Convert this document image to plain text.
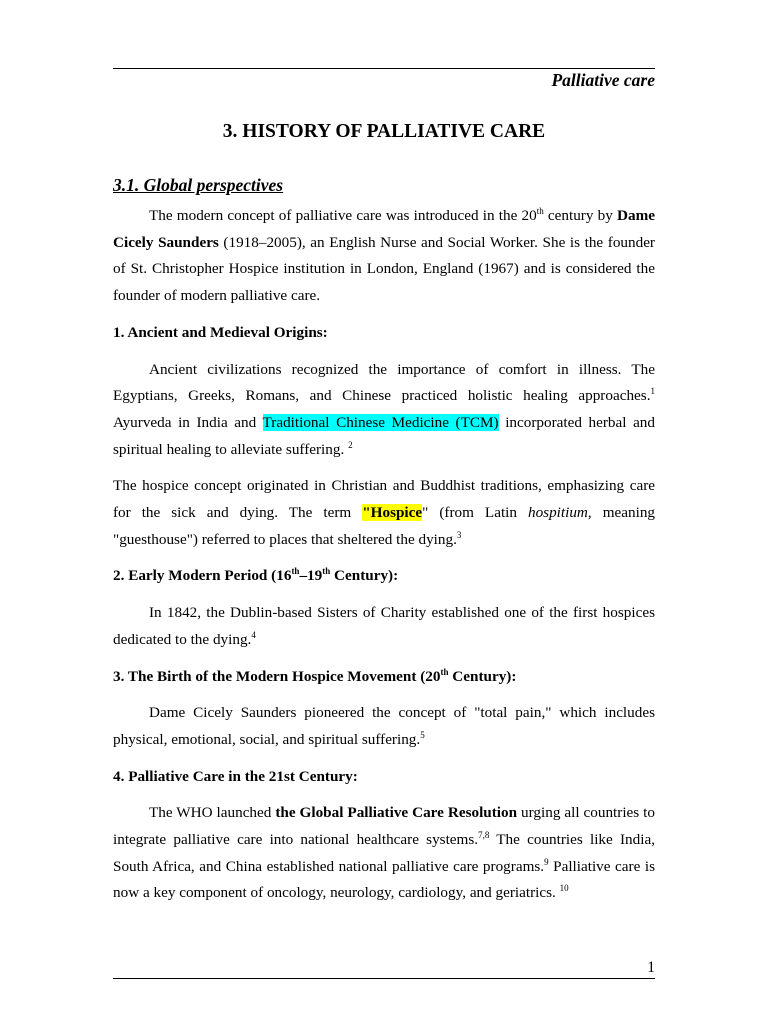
Palliative care
3. HISTORY OF PALLIATIVE CARE
3.1. Global perspectives

The modern concept of palliative care was introduced in the 20th century by Dame Cicely Saunders (1918–2005), an English Nurse and Social Worker. She is the founder of St. Christopher Hospice institution in London, England (1967) and is considered the founder of modern palliative care.

1. Ancient and Medieval Origins:

Ancient civilizations recognized the importance of comfort in illness. The Egyptians, Greeks, Romans, and Chinese practiced holistic healing approaches.$^1$ Ayurveda in India and Traditional Chinese Medicine (TCM) incorporated herbal and spiritual healing to alleviate suffering. $^2$

The hospice concept originated in Christian and Buddhist traditions, emphasizing care for the sick and dying. The term "Hospice" (from Latin hospitium, meaning "guesthouse") referred to places that sheltered the dying.$^3$

2. Early Modern Period (16th–19th Century):

In 1842, the Dublin-based Sisters of Charity established one of the first hospices dedicated to the dying.$^4$

3. The Birth of the Modern Hospice Movement (20th Century):

Dame Cicely Saunders pioneered the concept of "total pain," which includes physical, emotional, social, and spiritual suffering.$^5$

4. Palliative Care in the 21st Century:

The WHO launched the Global Palliative Care Resolution urging all countries to integrate palliative care into national healthcare systems.$^{7,8}$ The countries like India, South Africa, and China established national palliative care programs.$^9$ Palliative care is now a key component of oncology, neurology, cardiology, and geriatrics. $^{10}$

1
